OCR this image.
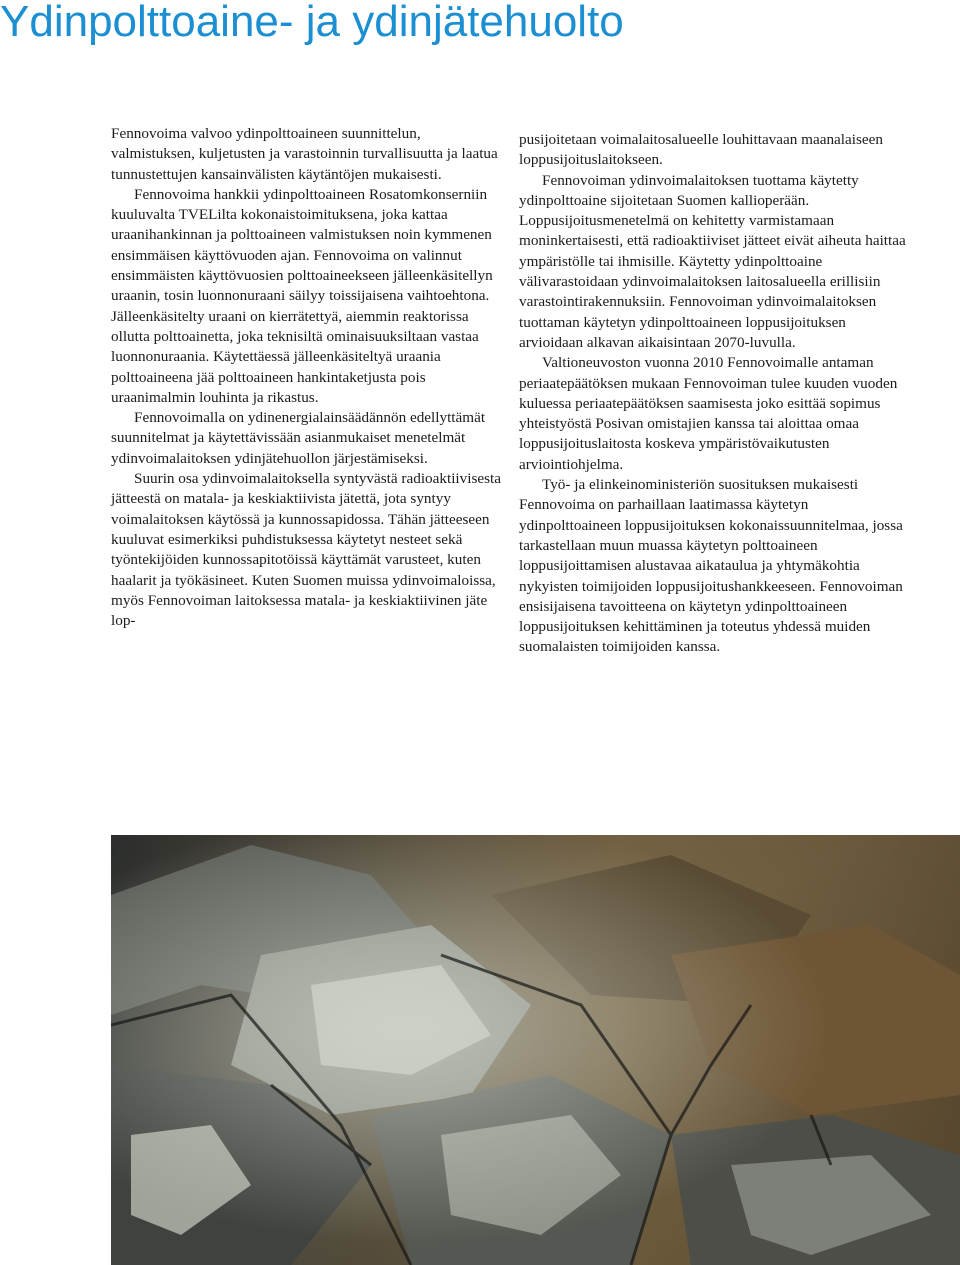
Ydinpolttoaine- ja ydinjätehuolto

Fennovoima valvoo ydinpolttoaineen suunnittelun, valmistuksen, kuljetusten ja varastoinnin turvallisuutta ja laatua tunnustettujen kansainvälisten käytäntöjen mukaisesti.

Fennovoima hankkii ydinpolttoaineen Rosatomkonserniin kuuluvalta TVELilta kokonaistoimituksena, joka kattaa uraanihankinnan ja polttoaineen valmistuksen noin kymmenen ensimmäisen käyttövuoden ajan. Fennovoima on valinnut ensimmäisten käyttövuosien polttoaineekseen jälleenkäsitellyn uraanin, tosin luonnonuraani säilyy toissijaisena vaihtoehtona. Jälleenkäsitelty uraani on kierrätettyä, aiemmin reaktorissa ollutta polttoainetta, joka teknisiltä ominaisuuksiltaan vastaa luonnonuraania. Käytettäessä jälleenkäsiteltyä uraania polttoaineena jää polttoaineen hankintaketjusta pois uraanimalmin louhinta ja rikastus.

Fennovoimalla on ydinenergialainsäädännön edellyttämät suunnitelmat ja käytettävissään asianmukaiset menetelmät ydinvoimalaitoksen ydinjätehuollon järjestämiseksi.

Suurin osa ydinvoimalaitoksella syntyvästä radioaktiivisesta jätteestä on matala- ja keskiaktiivista jätettä, jota syntyy voimalaitoksen käytössä ja kunnossapidossa. Tähän jätteeseen kuuluvat esimerkiksi puhdistuksessa käytetyt nesteet sekä työntekijöiden kunnossapitotöissä käyttämät varusteet, kuten haalarit ja työkäsineet. Kuten Suomen muissa ydinvoimaloissa, myös Fennovoiman laitoksessa matala- ja keskiaktiivinen jäte lop-

pusijoitetaan voimalaitosalueelle louhittavaan maanalaiseen loppusijoituslaitokseen.

Fennovoiman ydinvoimalaitoksen tuottama käytetty ydinpolttoaine sijoitetaan Suomen kallioperään. Loppusijoitusmenetelmä on kehitetty varmistamaan moninkertaisesti, että radioaktiiviset jätteet eivät aiheuta haittaa ympäristölle tai ihmisille. Käytetty ydinpolttoaine välivarastoidaan ydinvoimalaitoksen laitosalueella erillisiin varastointirakennuksiin. Fennovoiman ydinvoimalaitoksen tuottaman käytetyn ydinpolttoaineen loppusijoituksen arvioidaan alkavan aikaisintaan 2070-luvulla.

Valtioneuvoston vuonna 2010 Fennovoimalle antaman periaatepäätöksen mukaan Fennovoiman tulee kuuden vuoden kuluessa periaatepäätöksen saamisesta joko esittää sopimus yhteistyöstä Posivan omistajien kanssa tai aloittaa omaa loppusijoituslaitosta koskeva ympäristövaikutusten arviointiohjelma.

Työ- ja elinkeinoministeriön suosituksen mukaisesti Fennovoima on parhaillaan laatimassa käytetyn ydinpolttoaineen loppusijoituksen kokonaissuunnitelmaa, jossa tarkastellaan muun muassa käytetyn polttoaineen loppusijoittamisen alustavaa aikataulua ja yhtymäkohtia nykyisten toimijoiden loppusijoitushankkeeseen. Fennovoiman ensisijaisena tavoitteena on käytetyn ydinpolttoaineen loppusijoituksen kehittäminen ja toteutus yhdessä muiden suomalaisten toimijoiden kanssa.
